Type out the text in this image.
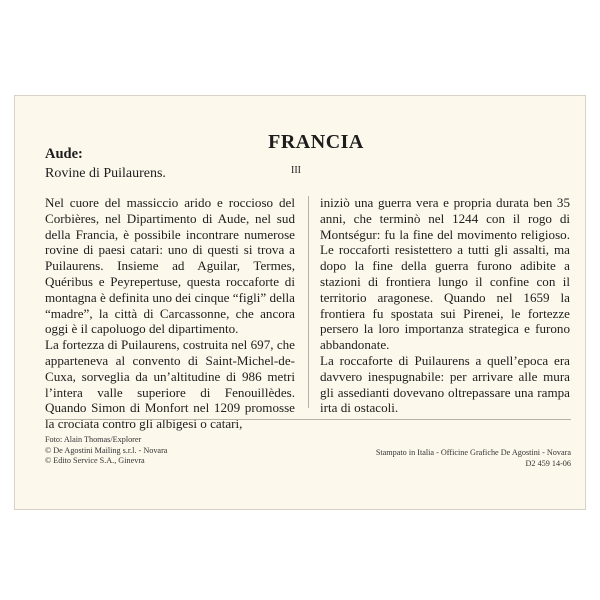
FRANCIA
Aude:
Rovine di Puilaurens.	III

Nel cuore del massiccio arido e roccioso del Corbières, nel Dipartimento di Aude, nel sud della Francia, è possibile incontrare numerose rovine di paesi catari: uno di questi si trova a Puilaurens. Insieme ad Aguilar, Termes, Quéribus e Peyrepertuse, questa roccaforte di montagna è definita uno dei cinque “figli” della “madre”, la città di Carcassonne, che ancora oggi è il capoluogo del dipartimento.

La fortezza di Puilaurens, costruita nel 697, che apparteneva al convento di Saint-Michel-de-Cuxa, sorveglia da un’altitudine di 986 metri l’intera valle superiore di Fenouillèdes. Quando Simon di Monfort nel 1209 promosse la crociata contro gli albigesi o catari,

iniziò una guerra vera e propria durata ben 35 anni, che terminò nel 1244 con il rogo di Montségur: fu la fine del movimento religioso. Le roccaforti resistettero a tutti gli assalti, ma dopo la fine della guerra furono adibite a stazioni di frontiera lungo il confine con il territorio aragonese. Quando nel 1659 la frontiera fu spostata sui Pirenei, le fortezze persero la loro importanza strategica e furono abbandonate.

La roccaforte di Puilaurens a quell’epoca era davvero inespugnabile: per arrivare alle mura gli assedianti dovevano oltrepassare una rampa irta di ostacoli.

Foto: Alain Thomas/Explorer
© De Agostini Mailing s.r.l. - Novara
© Edito Service S.A., Ginevra
Stampato in Italia - Officine Grafiche De Agostini - Novara
D2 459 14-06
